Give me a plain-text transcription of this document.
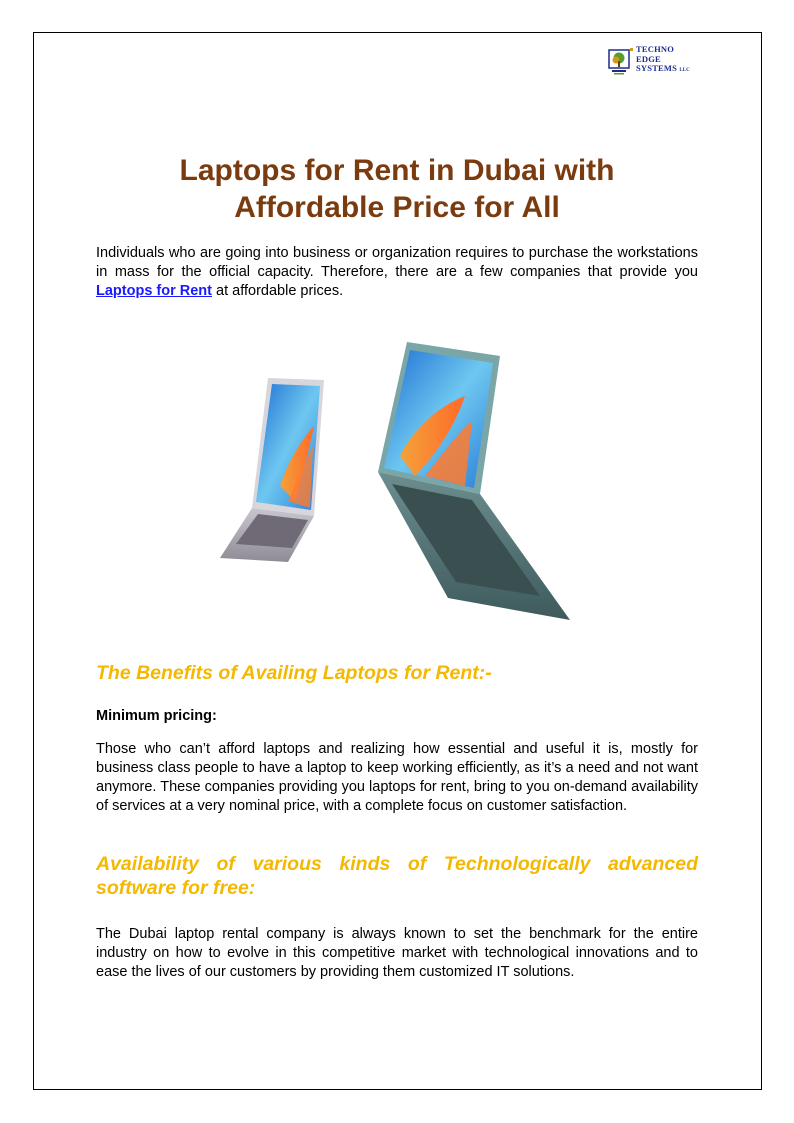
TECHNO
EDGE
SYSTEMS LLC
Laptops for Rent in Dubai with
Affordable Price for All

Individuals who are going into business or organization requires to purchase the workstations in mass for the official capacity. Therefore, there are a few companies that provide you Laptops for Rent at affordable prices.

The Benefits of Availing Laptops for Rent:-
Minimum pricing:

Those who can’t afford laptops and realizing how essential and useful it is, mostly for business class people to have a laptop to keep working efficiently, as it’s a need and not want anymore. These companies providing you laptops for rent, bring to you on-demand availability of services at a very nominal price, with a complete focus on customer satisfaction.

Availability of various kinds of Technologically advanced
software for free:

The Dubai laptop rental company is always known to set the benchmark for the entire industry on how to evolve in this competitive market with technological innovations and to ease the lives of our customers by providing them customized IT solutions.
